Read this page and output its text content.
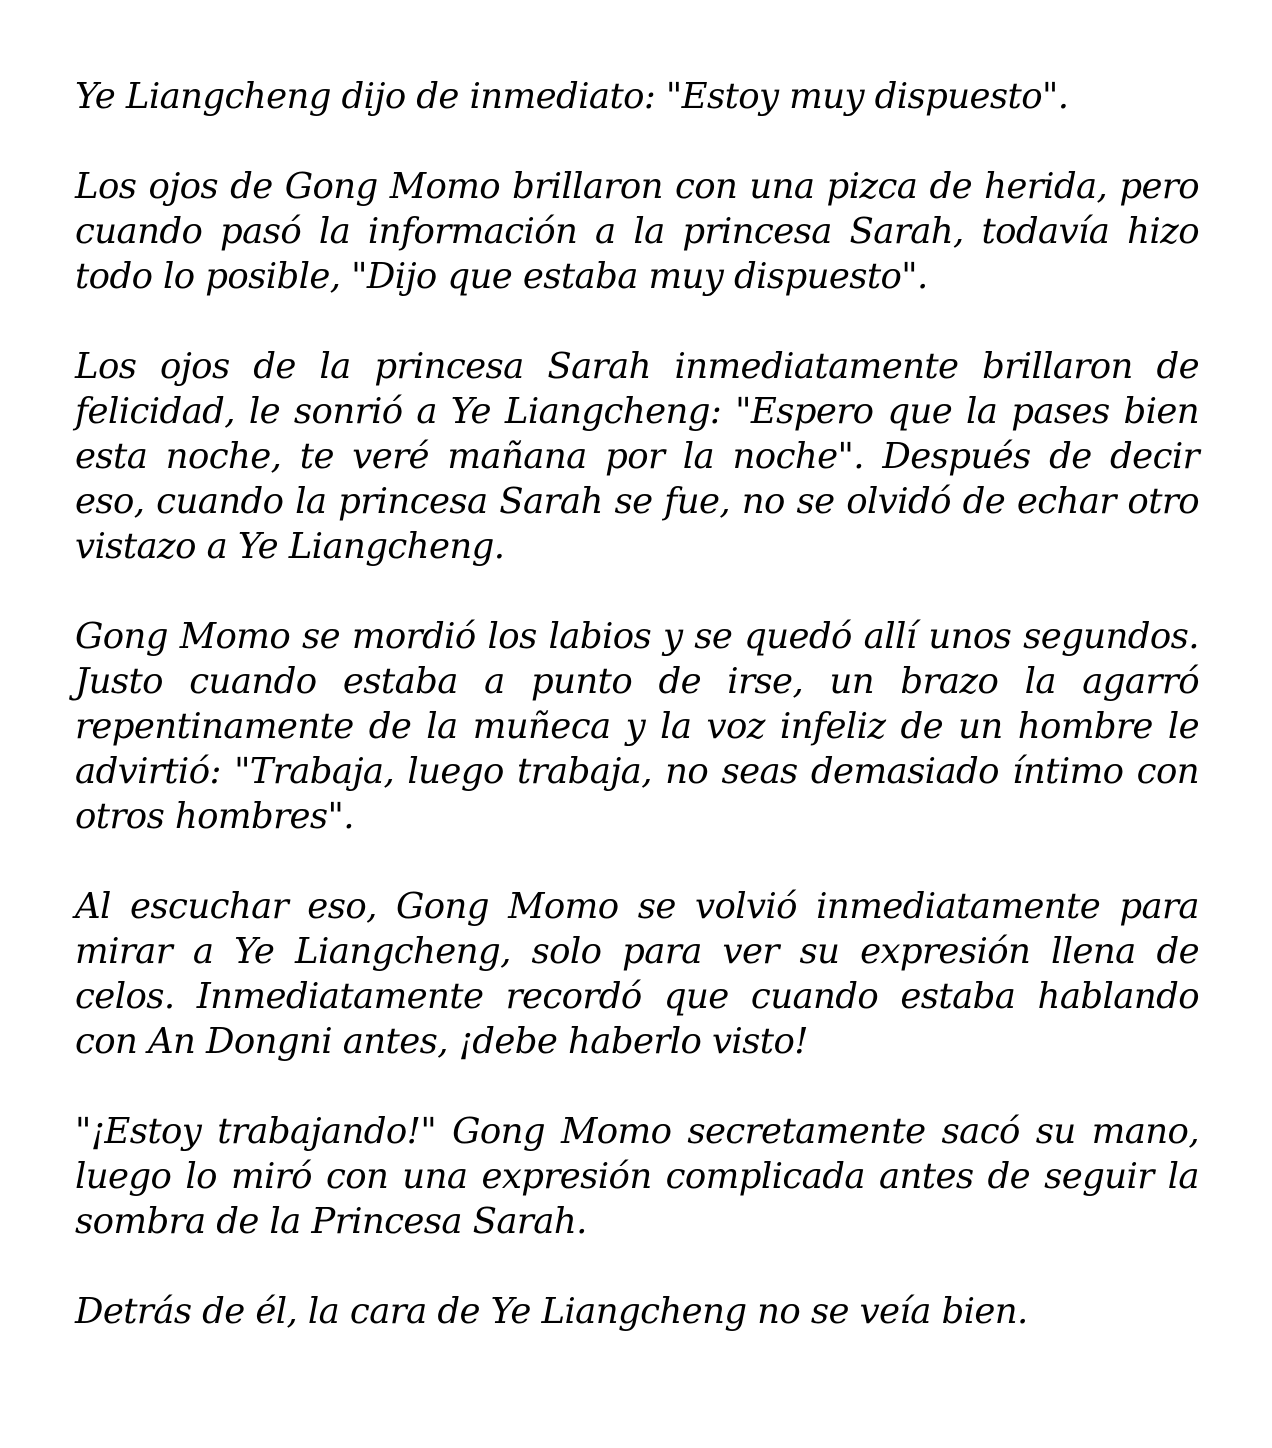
Ye Liangcheng dijo de inmediato: "Estoy muy dispuesto".

Los ojos de Gong Momo brillaron con una pizca de herida, pero cuando pasó la información a la princesa Sarah, todavía hizo todo lo posible, "Dijo que estaba muy dispuesto".

Los ojos de la princesa Sarah inmediatamente brillaron de felicidad, le sonrió a Ye Liangcheng: "Espero que la pases bien esta noche, te veré mañana por la noche". Después de decir eso, cuando la princesa Sarah se fue, no se olvidó de echar otro vistazo a Ye Liangcheng.

Gong Momo se mordió los labios y se quedó allí unos segundos. Justo cuando estaba a punto de irse, un brazo la agarró repentinamente de la muñeca y la voz infeliz de un hombre le advirtió: "Trabaja, luego trabaja, no seas demasiado íntimo con otros hombres".

Al escuchar eso, Gong Momo se volvió inmediatamente para mirar a Ye Liangcheng, solo para ver su expresión llena de celos. Inmediatamente recordó que cuando estaba hablando con An Dongni antes, ¡debe haberlo visto!

"¡Estoy trabajando!" Gong Momo secretamente sacó su mano, luego lo miró con una expresión complicada antes de seguir la sombra de la Princesa Sarah.

Detrás de él, la cara de Ye Liangcheng no se veía bien.
